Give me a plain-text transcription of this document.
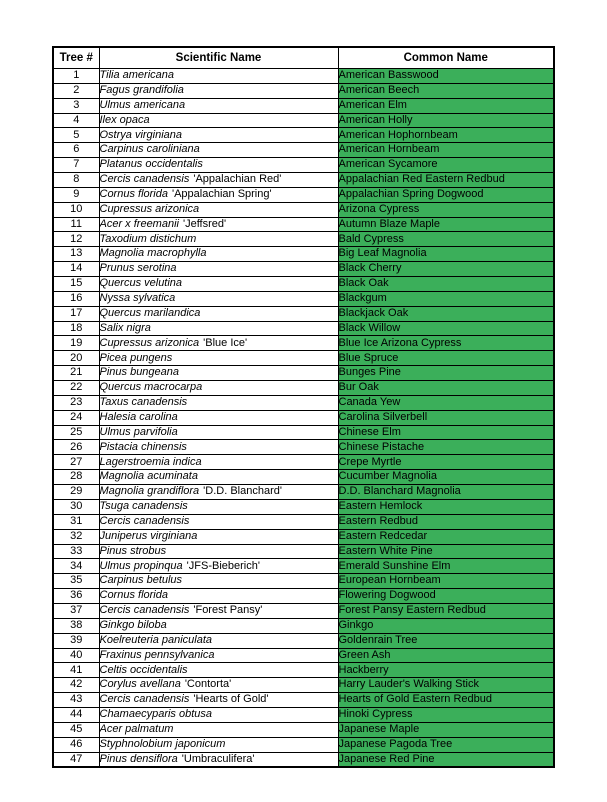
Tree #	Scientific Name	Common Name
1	Tilia americana	American Basswood
2	Fagus grandifolia	American Beech
3	Ulmus americana	American Elm
4	Ilex opaca	American Holly
5	Ostrya virginiana	American Hophornbeam
6	Carpinus caroliniana	American Hornbeam
7	Platanus occidentalis	American Sycamore
8	Cercis canadensis 'Appalachian Red'	Appalachian Red Eastern Redbud
9	Cornus florida 'Appalachian Spring'	Appalachian Spring Dogwood
10	Cupressus arizonica	Arizona Cypress
11	Acer x freemanii 'Jeffsred'	Autumn Blaze Maple
12	Taxodium distichum	Bald Cypress
13	Magnolia macrophylla	Big Leaf Magnolia
14	Prunus serotina	Black Cherry
15	Quercus velutina	Black Oak
16	Nyssa sylvatica	Blackgum
17	Quercus marilandica	Blackjack Oak
18	Salix nigra	Black Willow
19	Cupressus arizonica 'Blue Ice'	Blue Ice Arizona Cypress
20	Picea pungens	Blue Spruce
21	Pinus bungeana	Bunges Pine
22	Quercus macrocarpa	Bur Oak
23	Taxus canadensis	Canada Yew
24	Halesia carolina	Carolina Silverbell
25	Ulmus parvifolia	Chinese Elm
26	Pistacia chinensis	Chinese Pistache
27	Lagerstroemia indica	Crepe Myrtle
28	Magnolia acuminata	Cucumber Magnolia
29	Magnolia grandiflora 'D.D. Blanchard'	D.D. Blanchard Magnolia
30	Tsuga canadensis	Eastern Hemlock
31	Cercis canadensis	Eastern Redbud
32	Juniperus virginiana	Eastern Redcedar
33	Pinus strobus	Eastern White Pine
34	Ulmus propinqua 'JFS-Bieberich'	Emerald Sunshine Elm
35	Carpinus betulus	European Hornbeam
36	Cornus florida	Flowering Dogwood
37	Cercis canadensis 'Forest Pansy'	Forest Pansy Eastern Redbud
38	Ginkgo biloba	Ginkgo
39	Koelreuteria paniculata	Goldenrain Tree
40	Fraxinus pennsylvanica	Green Ash
41	Celtis occidentalis	Hackberry
42	Corylus avellana 'Contorta'	Harry Lauder's Walking Stick
43	Cercis canadensis 'Hearts of Gold'	Hearts of Gold Eastern Redbud
44	Chamaecyparis obtusa	Hinoki Cypress
45	Acer palmatum	Japanese Maple
46	Styphnolobium japonicum	Japanese Pagoda Tree
47	Pinus densiflora 'Umbraculifera'	Japanese Red Pine
